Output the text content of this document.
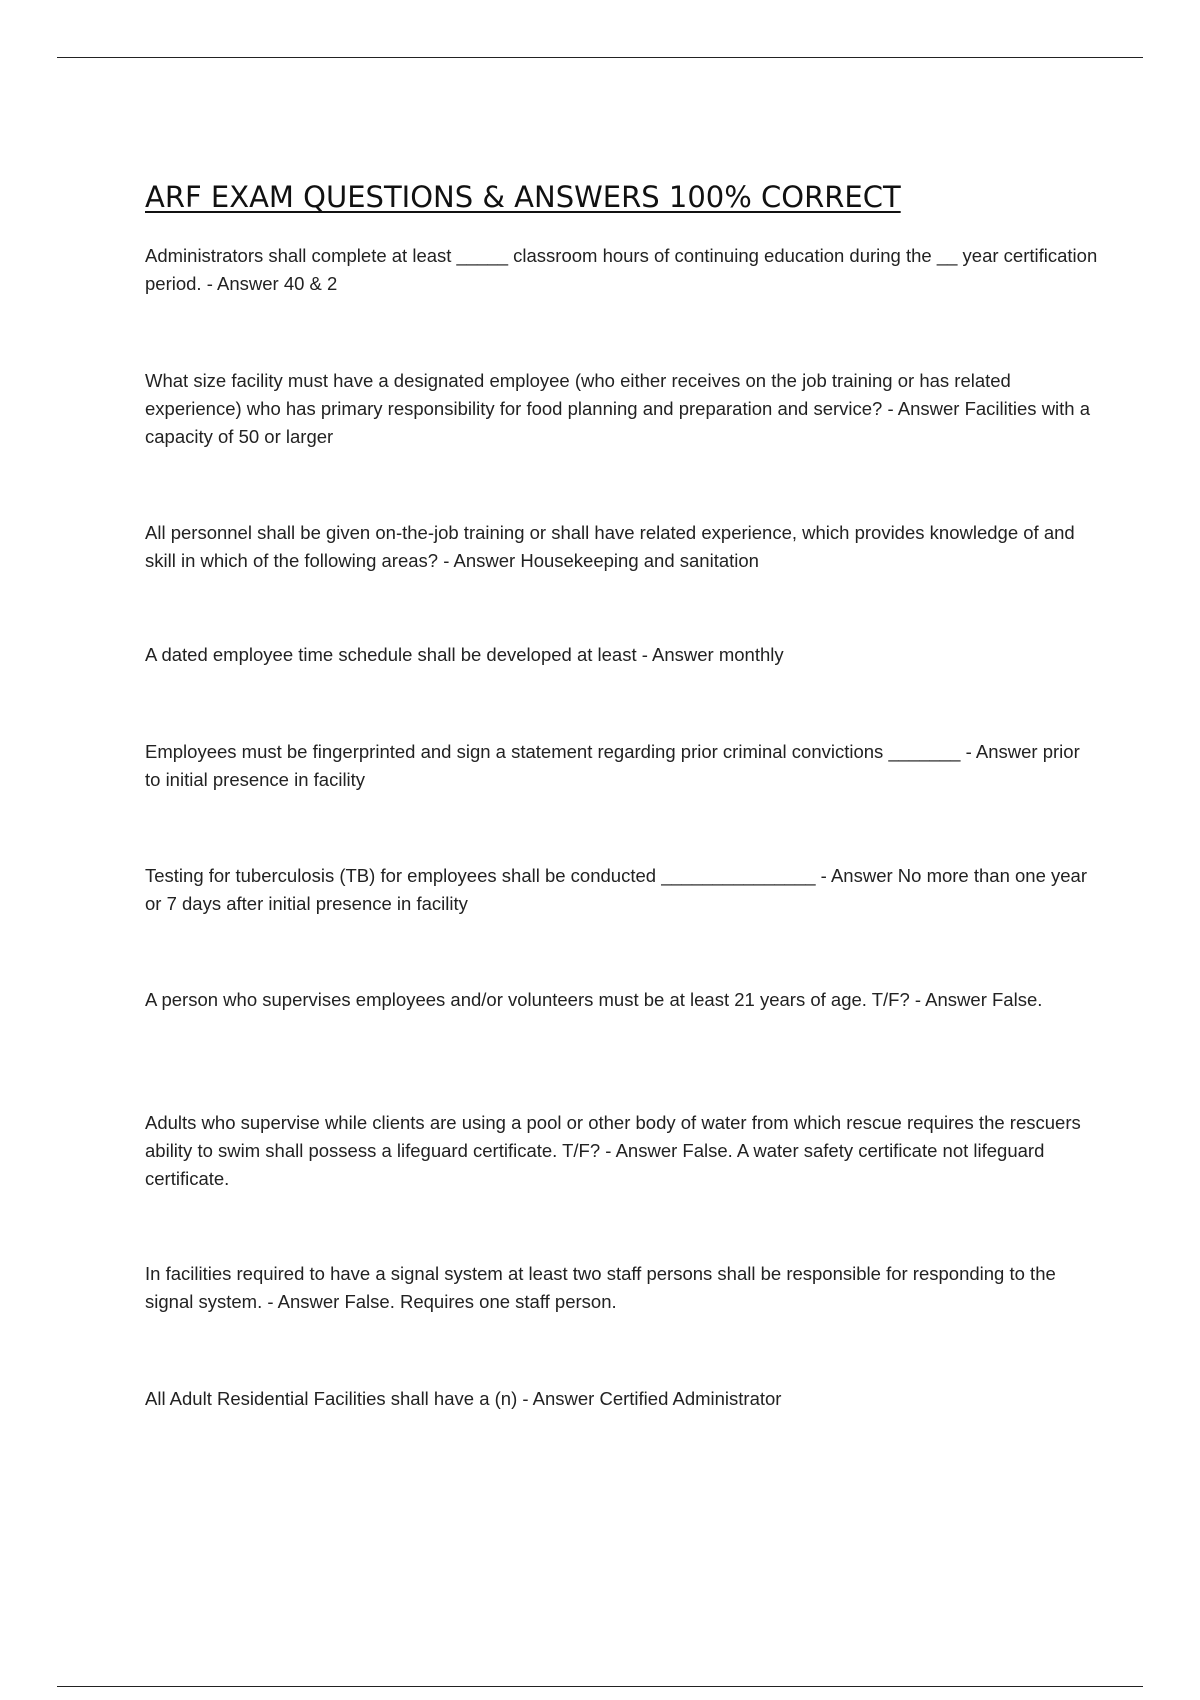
ARF EXAM QUESTIONS & ANSWERS 100% CORRECT

Administrators shall complete at least _____ classroom hours of continuing education during the __ year certification period. - Answer 40 & 2

What size facility must have a designated employee (who either receives on the job training or has related experience) who has primary responsibility for food planning and preparation and service? - Answer Facilities with a capacity of 50 or larger

All personnel shall be given on-the-job training or shall have related experience, which provides knowledge of and skill in which of the following areas? - Answer Housekeeping and sanitation

A dated employee time schedule shall be developed at least - Answer monthly

Employees must be fingerprinted and sign a statement regarding prior criminal convictions _______ - Answer prior to initial presence in facility

Testing for tuberculosis (TB) for employees shall be conducted _______________ - Answer No more than one year or 7 days after initial presence in facility

A person who supervises employees and/or volunteers must be at least 21 years of age. T/F? - Answer False.

Adults who supervise while clients are using a pool or other body of water from which rescue requires the rescuers ability to swim shall possess a lifeguard certificate. T/F? - Answer False. A water safety certificate not lifeguard certificate.

In facilities required to have a signal system at least two staff persons shall be responsible for responding to the signal system. - Answer False. Requires one staff person.

All Adult Residential Facilities shall have a (n) - Answer Certified Administrator
